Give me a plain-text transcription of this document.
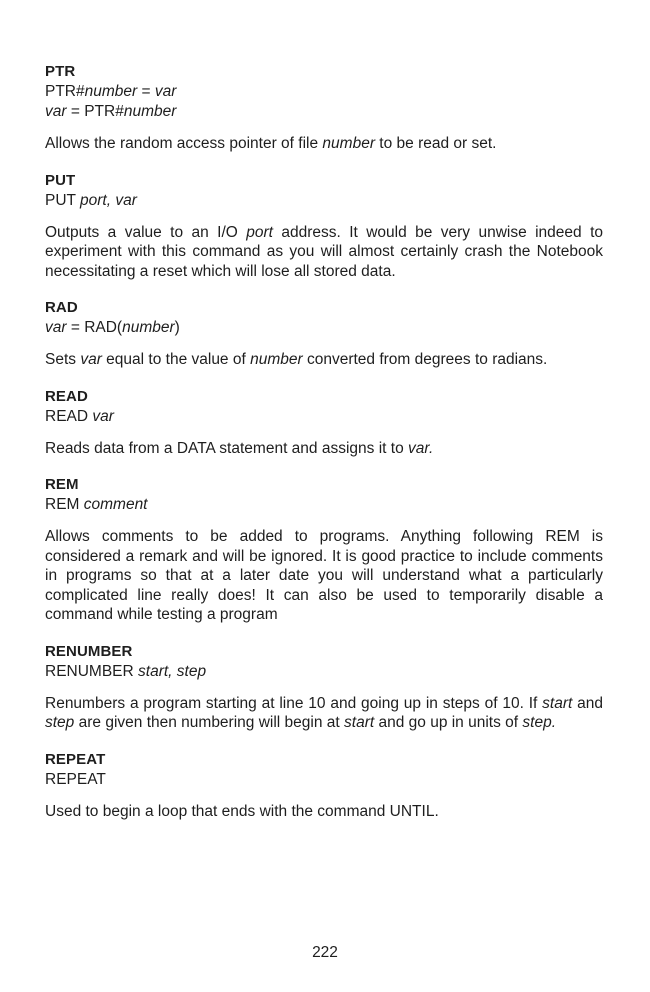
PTR
PTR#number = var
var = PTR#number
Allows the random access pointer of file number to be read or set.
PUT
PUT port, var
Outputs a value to an I/O port address. It would be very unwise indeed to experiment with this command as you will almost certainly crash the Notebook necessitating a reset which will lose all stored data.
RAD
var = RAD(number)
Sets var equal to the value of number converted from degrees to radians.
READ
READ var
Reads data from a DATA statement and assigns it to var.
REM
REM comment
Allows comments to be added to programs. Anything following REM is considered a remark and will be ignored. It is good practice to include comments in programs so that at a later date you will understand what a particularly complicated line really does! It can also be used to temporarily disable a command while testing a program
RENUMBER
RENUMBER start, step
Renumbers a program starting at line 10 and going up in steps of 10. If start and step are given then numbering will begin at start and go up in units of step.
REPEAT
REPEAT
Used to begin a loop that ends with the command UNTIL.
222
